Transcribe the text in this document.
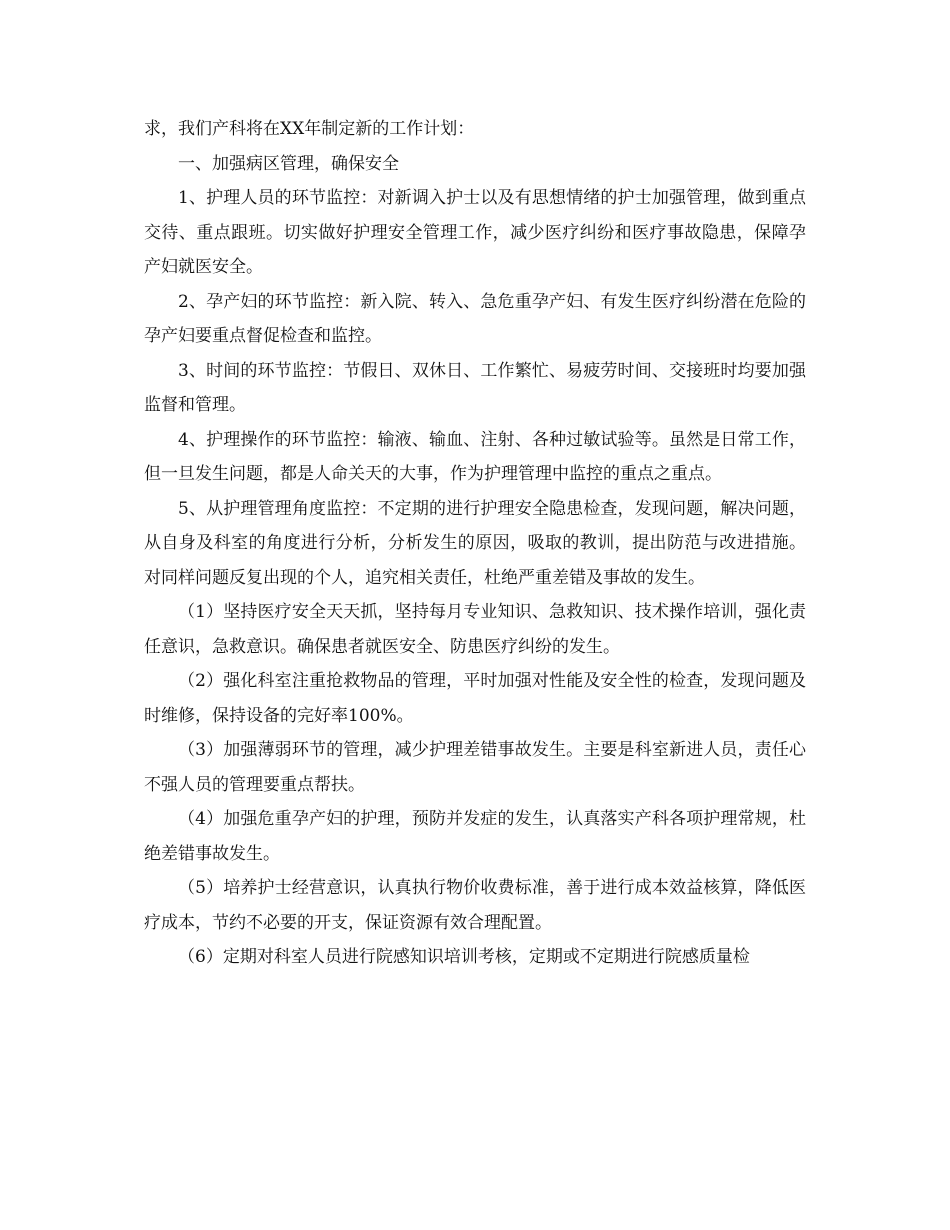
求，我们产科将在XX年制定新的工作计划：

一、加强病区管理，确保安全

1、护理人员的环节监控：对新调入护士以及有思想情绪的护士加强管理，做到重点交待、重点跟班。切实做好护理安全管理工作，减少医疗纠纷和医疗事故隐患，保障孕产妇就医安全。

2、孕产妇的环节监控：新入院、转入、急危重孕产妇、有发生医疗纠纷潜在危险的孕产妇要重点督促检查和监控。

3、时间的环节监控：节假日、双休日、工作繁忙、易疲劳时间、交接班时均要加强监督和管理。

4、护理操作的环节监控：输液、输血、注射、各种过敏试验等。虽然是日常工作，但一旦发生问题，都是人命关天的大事，作为护理管理中监控的重点之重点。

5、从护理管理角度监控：不定期的进行护理安全隐患检查，发现问题，解决问题，从自身及科室的角度进行分析，分析发生的原因，吸取的教训，提出防范与改进措施。对同样问题反复出现的个人，追究相关责任，杜绝严重差错及事故的发生。

（1）坚持医疗安全天天抓，坚持每月专业知识、急救知识、技术操作培训，强化责任意识，急救意识。确保患者就医安全、防患医疗纠纷的发生。

（2）强化科室注重抢救物品的管理，平时加强对性能及安全性的检查，发现问题及时维修，保持设备的完好率100%。

（3）加强薄弱环节的管理，减少护理差错事故发生。主要是科室新进人员，责任心不强人员的管理要重点帮扶。

（4）加强危重孕产妇的护理，预防并发症的发生，认真落实产科各项护理常规，杜绝差错事故发生。

（5）培养护士经营意识，认真执行物价收费标准，善于进行成本效益核算，降低医疗成本，节约不必要的开支，保证资源有效合理配置。

（6）定期对科室人员进行院感知识培训考核，定期或不定期进行院感质量检
